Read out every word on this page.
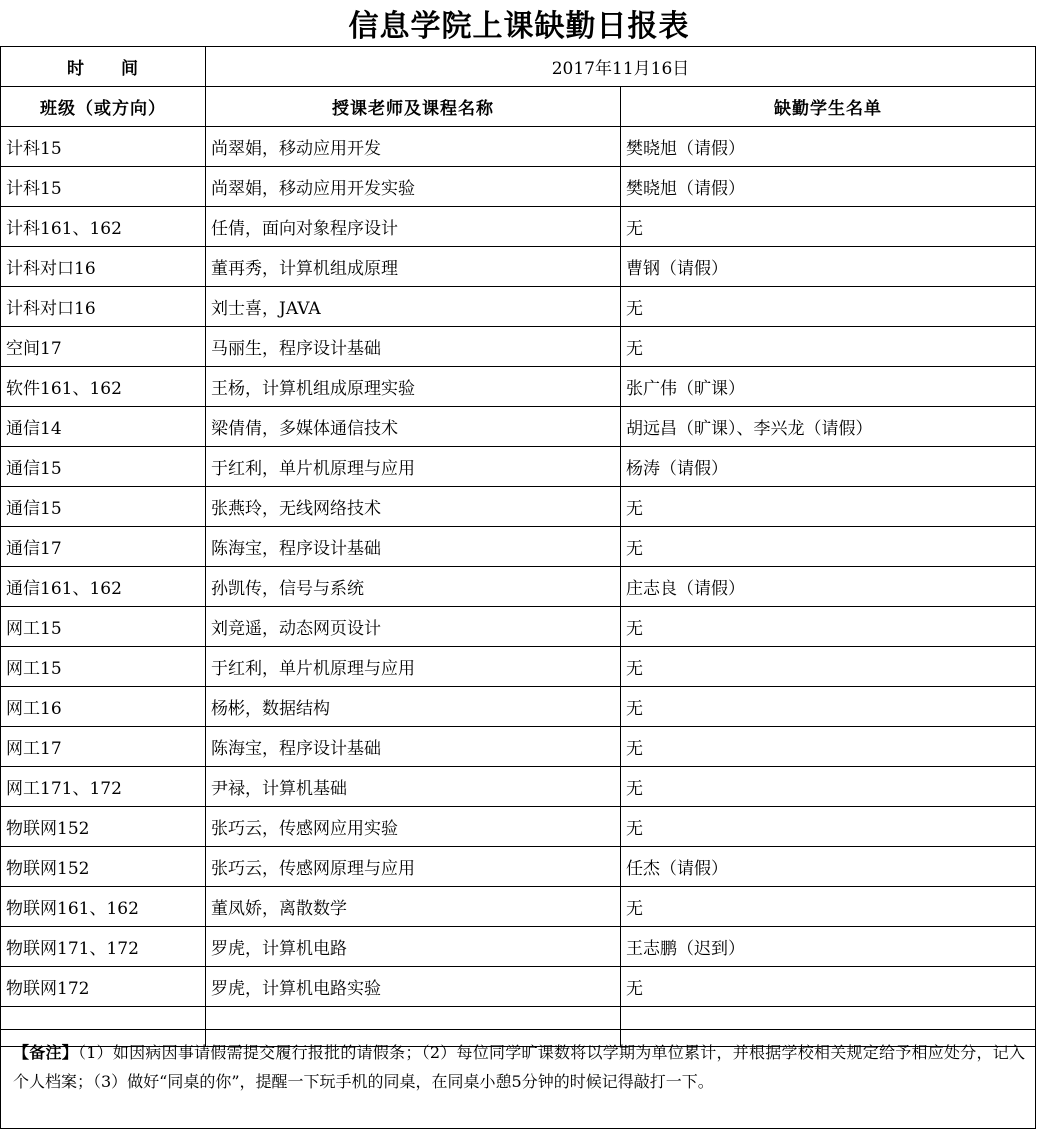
信息学院上课缺勤日报表
时　　间	2017年11月16日	
班级（或方向）	授课老师及课程名称	缺勤学生名单
计科15	尚翠娟，移动应用开发	樊晓旭（请假）
计科15	尚翠娟，移动应用开发实验	樊晓旭（请假）
计科161、162	任倩，面向对象程序设计	无
计科对口16	董再秀，计算机组成原理	曹钢（请假）
计科对口16	刘士喜，JAVA	无
空间17	马丽生，程序设计基础	无
软件161、162	王杨，计算机组成原理实验	张广伟（旷课）
通信14	梁倩倩，多媒体通信技术	胡远昌（旷课）、李兴龙（请假）
通信15	于红利，单片机原理与应用	杨涛（请假）
通信15	张燕玲，无线网络技术	无
通信17	陈海宝，程序设计基础	无
通信161、162	孙凯传，信号与系统	庄志良（请假）
网工15	刘竞遥，动态网页设计	无
网工15	于红利，单片机原理与应用	无
网工16	杨彬，数据结构	无
网工17	陈海宝，程序设计基础	无
网工171、172	尹禄，计算机基础	无
物联网152	张巧云，传感网应用实验	无
物联网152	张巧云，传感网原理与应用	任杰（请假）
物联网161、162	董凤娇，离散数学	无
物联网171、172	罗虎，计算机电路	王志鹏（迟到）
物联网172	罗虎，计算机电路实验	无

【备注】（1）如因病因事请假需提交履行报批的请假条；（2）每位同学旷课数将以学期为单位累计，并根据学校相关规定给予相应处分，记入个人档案；（3）做好“同桌的你”，提醒一下玩手机的同桌，在同桌小憩5分钟的时候记得敲打一下。
